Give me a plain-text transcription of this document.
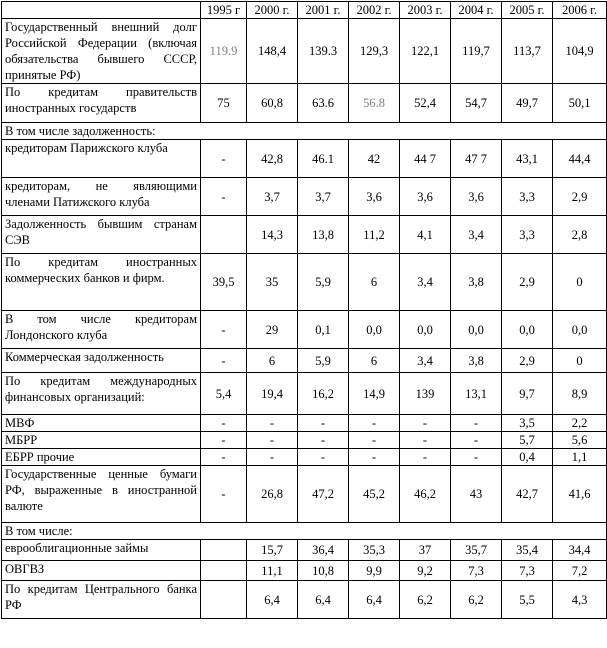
	1995 г	2000 г.	2001 г.	2002 г.	2003 г.	2004 г.	2005 г.	2006 г.
Государственный внешний долг Российской Федерации (включая обязательства бывшего СССР, принятые РФ)	119.9	148,4	139.3	129,3	122,1	119,7	113,7	104,9
По кредитам правительств иностранных государств	75	60,8	63.6	56.8	52,4	54,7	49,7	50,1
В том числе задолженность:								
кредиторам Парижского клуба	-	42,8	46.1	42	44 7	47 7	43,1	44,4
кредиторам, не являющими членами Патижского клуба	-	3,7	3,7	3,6	3,6	3,6	3,3	2,9
Задолженность бывшим странам СЭВ		14,3	13,8	11,2	4,1	3,4	3,3	2,8
По кредитам иностранных коммерческих банков и фирм.	39,5	35	5,9	6	3,4	3,8	2,9	0
В том числе кредиторам Лондонского клуба	-	29	0,1	0,0	0,0	0,0	0,0	0,0
Коммерческая задолженность	-	6	5,9	6	3,4	3,8	2,9	0
По кредитам международных финансовых организаций:	5,4	19,4	16,2	14,9	139	13,1	9,7	8,9
МВФ	-	-	-	-	-	-	3,5	2,2
МБРР	-	-	-	-	-	-	5,7	5,6
ЕБРР прочие	-	-	-	-	-	-	0,4	1,1
Государственные ценные бумаги РФ, выраженные в иностранной валюте	-	26,8	47,2	45,2	46,2	43	42,7	41,6
В том числе:								
еврооблигационные займы		15,7	36,4	35,3	37	35,7	35,4	34,4
ОВГВЗ		11,1	10,8	9,9	9,2	7,3	7,3	7,2
По кредитам Центрального банка РФ		6,4	6,4	6,4	6,2	6,2	5,5	4,3
